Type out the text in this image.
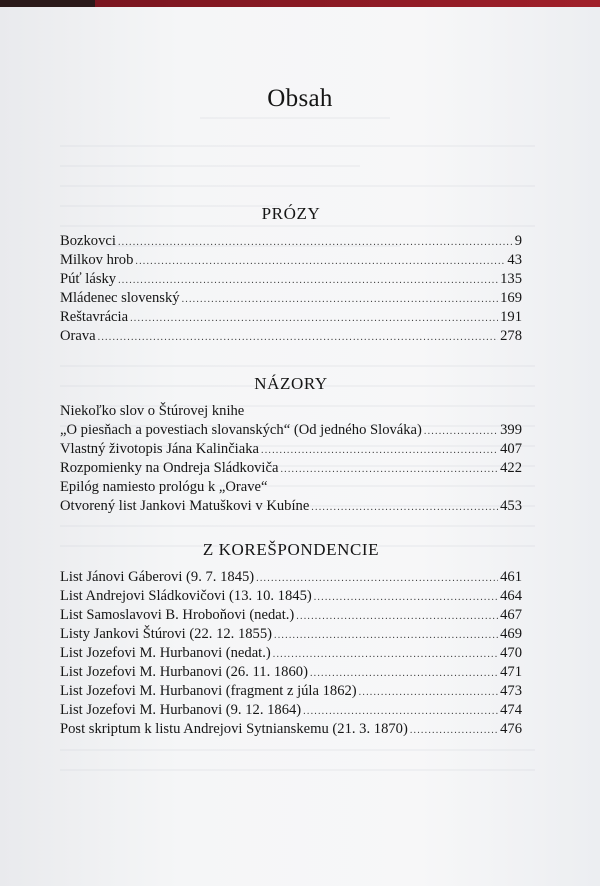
Obsah
PRÓZY
Bozkovci .....	9
Milkov hrob .....	43
Púť lásky .....	135
Mládenec slovenský .....	169
Reštavrácia .....	191
Orava .....	278
NÁZORY
Niekoľko slov o Štúrovej knihe
„O piesňach a povestiach slovanských“ (Od jedného Slováka) .....	399
Vlastný životopis Jána Kalinčiaka .....	407
Rozpomienky na Ondreja Sládkoviča .....	422
Epilóg namiesto prológu k „Orave“
Otvorený list Jankovi Matuškovi v Kubíne .....	453
Z KOREŠPONDENCIE
List Jánovi Gáberovi (9. 7. 1845) .....	461
List Andrejovi Sládkovičovi (13. 10. 1845) .....	464
List Samoslavovi B. Hroboňovi (nedat.) .....	467
Listy Jankovi Štúrovi (22. 12. 1855) .....	469
List Jozefovi M. Hurbanovi (nedat.) .....	470
List Jozefovi M. Hurbanovi (26. 11. 1860) .....	471
List Jozefovi M. Hurbanovi (fragment z júla 1862) .....	473
List Jozefovi M. Hurbanovi (9. 12. 1864) .....	474
Post skriptum k listu Andrejovi Sytnianskemu (21. 3. 1870) .....	476
